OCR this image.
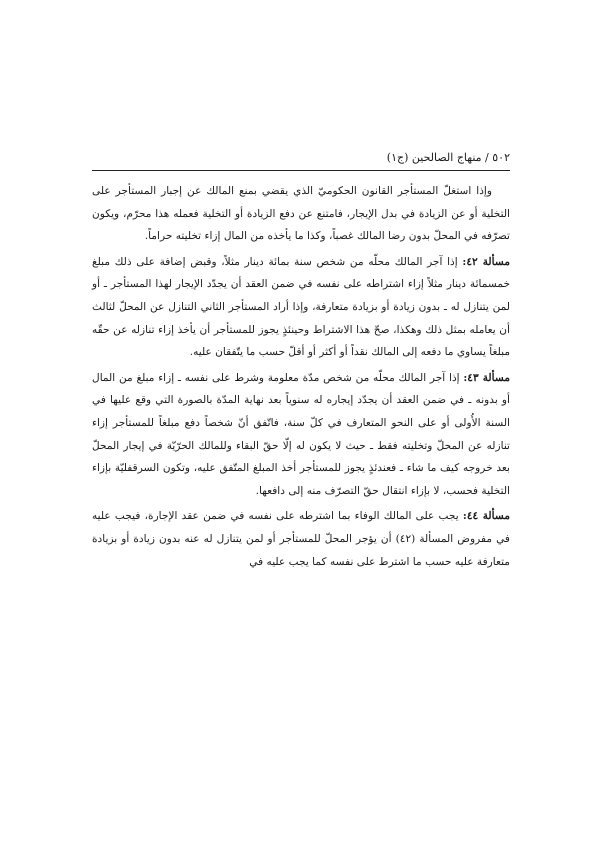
٥٠٢ / منهاج الصالحين (ج١)

وإذا استغلّ المستأجر القانون الحكوميّ الذي يقضي بمنع المالك عن إجبار المستأجر على التخلية أو عن الزيادة في بدل الإيجار، فامتنع عن دفع الزيادة أو التخلية فعمله هذا محرّم، ويكون تصرّفه في المحلّ بدون رضا المالك غصباً، وكذا ما يأخذه من المال إزاء تخليته حراماً.

مسألة ٤٢: إذا آجر المالك محلّه من شخص سنة بمائة دينار مثلاً، وقبض إضافة على ذلك مبلغ خمسمائة دينار مثلاً إزاء اشتراطه على نفسه في ضمن العقد أن يجدّد الإيجار لهذا المستأجر ـ أو لمن يتنازل له ـ بدون زيادة أو بزيادة متعارفة، وإذا أراد المستأجر الثاني التنازل عن المحلّ لثالث أن يعامله بمثل ذلك وهكذا، صحّ هذا الاشتراط وحينئذٍ يجوز للمستأجر أن يأخذ إزاء تنازله عن حقّه مبلغاً يساوي ما دفعه إلى المالك نقداً أو أكثر أو أقلّ حسب ما يتّفقان عليه.

مسألة ٤٣: إذا آجر المالك محلّه من شخص مدّة معلومة وشرط على نفسه ـ إزاء مبلغ من المال أو بدونه ـ في ضمن العقد أن يجدّد إيجاره له سنوياً بعد نهاية المدّة بالصورة التي وقع عليها في السنة الأُولى أو على النحو المتعارف في كلّ سنة، فاتّفق أنّ شخصاً دفع مبلغاً للمستأجر إزاء تنازله عن المحلّ وتخليته فقط ـ حيث لا يكون له إلّا حقّ البقاء وللمالك الحرّيّة في إيجار المحلّ بعد خروجه كيف ما شاء ـ فعندئذٍ يجوز للمستأجر أخذ المبلغ المتّفق عليه، وتكون السرقفليّة بإزاء التخلية فحسب، لا بإزاء انتقال حقّ التصرّف منه إلى دافعها.

مسألة ٤٤: يجب على المالك الوفاء بما اشترطه على نفسه في ضمن عقد الإجارة، فيجب عليه في مفروض المسألة (٤٢) أن يؤجر المحلّ للمستأجر أو لمن يتنازل له عنه بدون زيادة أو بزيادة متعارفة عليه حسب ما اشترط على نفسه كما يجب عليه في
